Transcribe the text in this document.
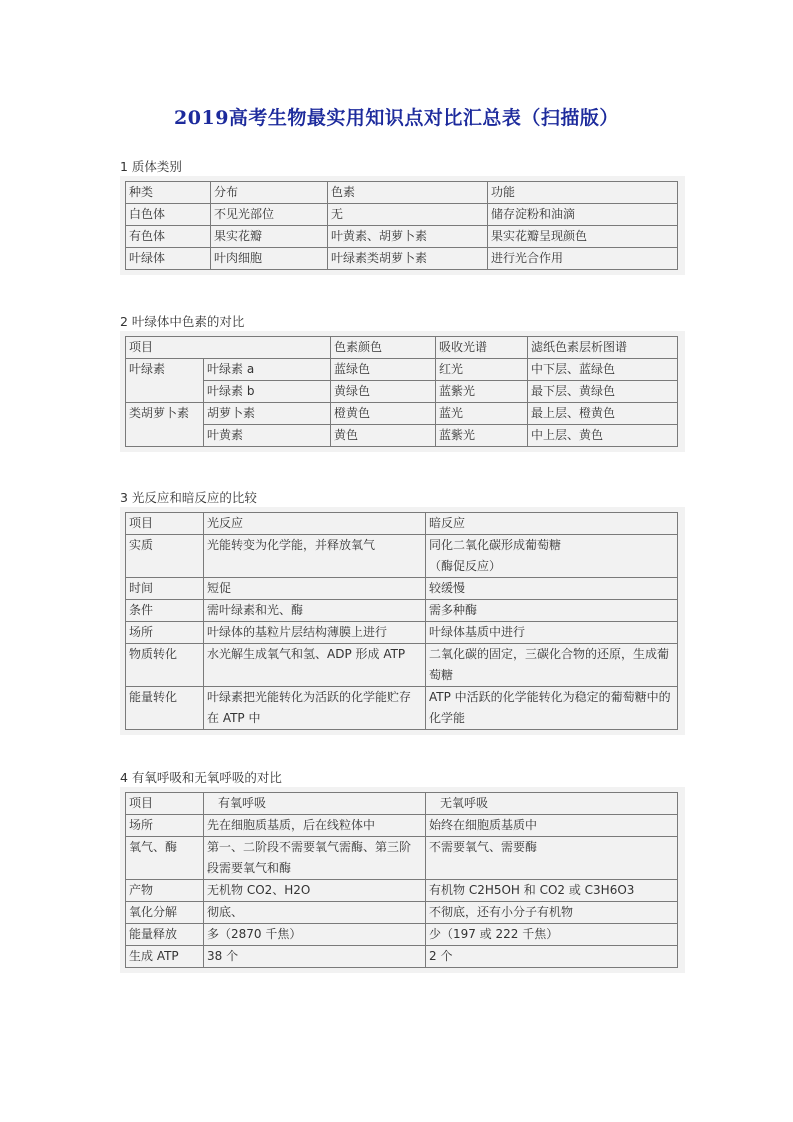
2019高考生物最实用知识点对比汇总表（扫描版）
1 质体类别
种类	分布	色素	功能
白色体	不见光部位	无	储存淀粉和油滴
有色体	果实花瓣	叶黄素、胡萝卜素	果实花瓣呈现颜色
叶绿体	叶肉细胞	叶绿素类胡萝卜素	进行光合作用
2 叶绿体中色素的对比
项目		色素颜色	吸收光谱	滤纸色素层析图谱
叶绿素	叶绿素 a	蓝绿色	红光	中下层、蓝绿色
	叶绿素 b	黄绿色	蓝紫光	最下层、黄绿色
类胡萝卜素	胡萝卜素	橙黄色	蓝光	最上层、橙黄色
	叶黄素	黄色	蓝紫光	中上层、黄色
3 光反应和暗反应的比较
项目	光反应	暗反应
实质	光能转变为化学能，并释放氧气	同化二氧化碳形成葡萄糖
（酶促反应）
时间	短促	较缓慢
条件	需叶绿素和光、酶	需多种酶
场所	叶绿体的基粒片层结构薄膜上进行	叶绿体基质中进行
物质转化	水光解生成氧气和氢、ADP 形成 ATP	二氧化碳的固定，三碳化合物的还原，生成葡萄糖
能量转化	叶绿素把光能转化为活跃的化学能贮存在 ATP 中	ATP 中活跃的化学能转化为稳定的葡萄糖中的化学能
4 有氧呼吸和无氧呼吸的对比
项目	有氧呼吸	无氧呼吸
场所	先在细胞质基质，后在线粒体中	始终在细胞质基质中
氧气、酶	第一、二阶段不需要氧气需酶、第三阶段需要氧气和酶	不需要氧气、需要酶
产物	无机物 CO2、H2O	有机物 C2H5OH 和 CO2 或 C3H6O3
氧化分解	彻底、	不彻底，还有小分子有机物
能量释放	多（2870 千焦）	少（197 或 222 千焦）
生成 ATP	38 个	2 个
